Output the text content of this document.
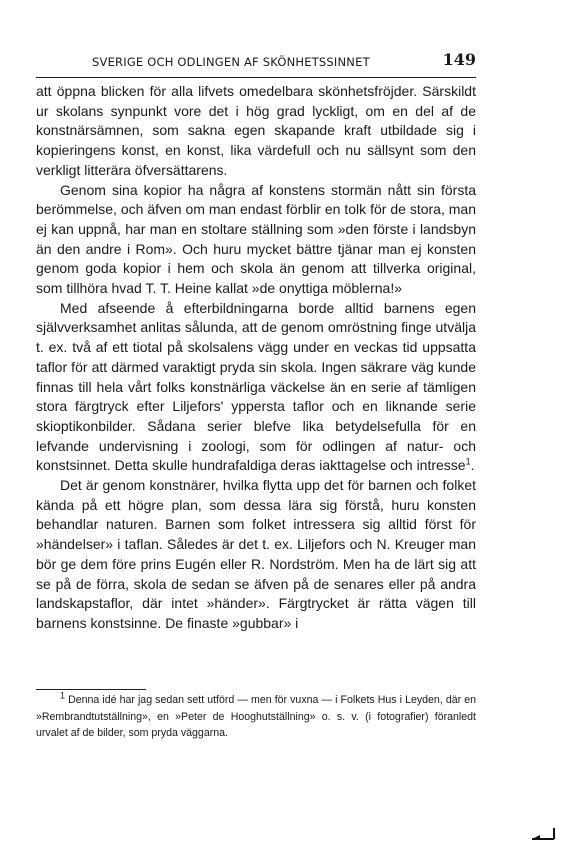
SVERIGE OCH ODLINGEN AF SKÖNHETSSINNET	149

att öppna blicken för alla lifvets omedelbara skönhetsfröjder. Särskildt ur skolans synpunkt vore det i hög grad lyckligt, om en del af de konstnärsämnen, som sakna egen skapande kraft utbildade sig i kopieringens konst, en konst, lika värdefull och nu sällsynt som den verkligt litterära öfversättarens.

Genom sina kopior ha några af konstens stormän nått sin första berömmelse, och äfven om man endast förblir en tolk för de stora, man ej kan uppnå, har man en stoltare ställning som »den förste i landsbyn än den andre i Rom». Och huru mycket bättre tjänar man ej konsten genom goda kopior i hem och skola än genom att tillverka original, som tillhöra hvad T. T. Heine kallat »de onyttiga möblerna!»

Med afseende å efterbildningarna borde alltid barnens egen självverksamhet anlitas sålunda, att de genom omröstning finge utvälja t. ex. två af ett tiotal på skolsalens vägg under en veckas tid uppsatta taflor för att därmed varaktigt pryda sin skola. Ingen säkrare väg kunde finnas till hela vårt folks konstnärliga väckelse än en serie af tämligen stora färgtryck efter Liljefors' yppersta taflor och en liknande serie skioptikonbilder. Sådana serier blefve lika betydelsefulla för en lefvande undervisning i zoologi, som för odlingen af natur- och konstsinnet. Detta skulle hundrafaldiga deras iakttagelse och intresse$^1$.

Det är genom konstnärer, hvilka flytta upp det för barnen och folket kända på ett högre plan, som dessa lära sig förstå, huru konsten behandlar naturen. Barnen som folket intressera sig alltid först för »händelser» i taflan. Således är det t. ex. Liljefors och N. Kreuger man bör ge dem före prins Eugén eller R. Nordström. Men ha de lärt sig att se på de förra, skola de sedan se äfven på de senares eller på andra landskapstaflor, där intet »händer». Färgtrycket är rätta vägen till barnens konstsinne. De finaste »gubbar» i

$^1$ Denna idé har jag sedan sett utförd — men för vuxna — i Folkets Hus i Leyden, där en »Rembrandtutställning», en »Peter de Hooghutställning» o. s. v. (i fotografier) föranledt urvalet af de bilder, som pryda väggarna.
